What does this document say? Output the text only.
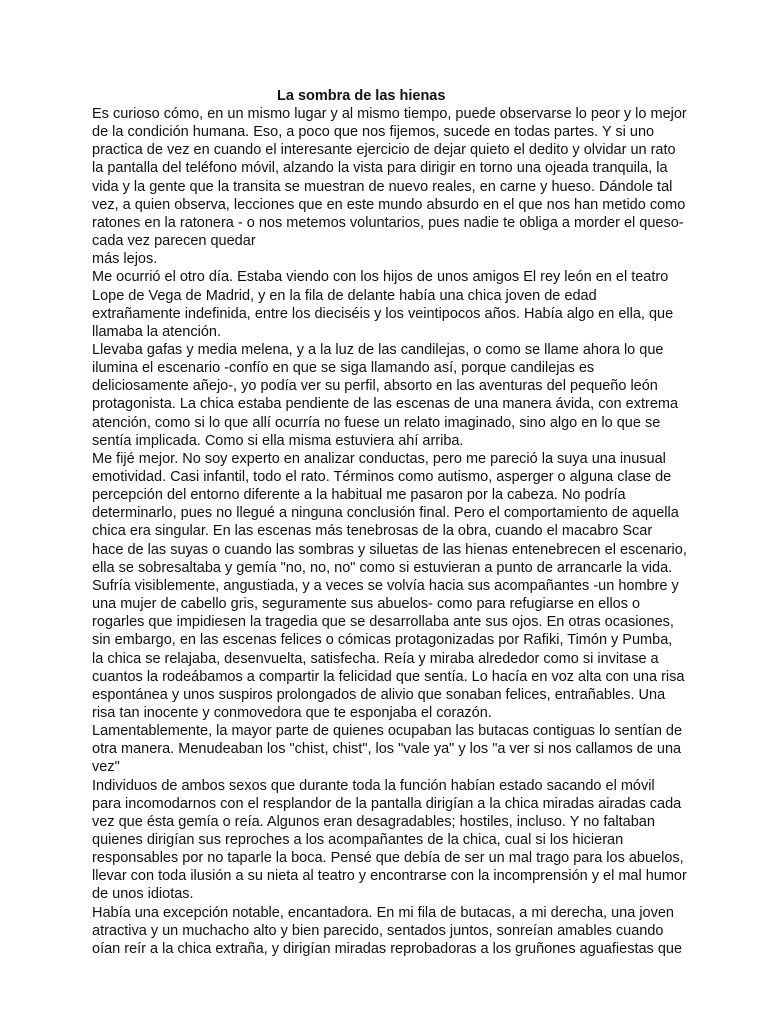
La sombra de las hienas
Es curioso cómo, en un mismo lugar y al mismo tiempo, puede observarse lo peor y lo mejor
de la condición humana. Eso, a poco que nos fijemos, sucede en todas partes. Y si uno
practica de vez en cuando el interesante ejercicio de dejar quieto el dedito y olvidar un rato
la pantalla del teléfono móvil, alzando la vista para dirigir en torno una ojeada tranquila, la
vida y la gente que la transita se muestran de nuevo reales, en carne y hueso. Dándole tal
vez, a quien observa, lecciones que en este mundo absurdo en el que nos han metido como
ratones en la ratonera - o nos metemos voluntarios, pues nadie te obliga a morder el queso-
cada vez parecen quedar
más lejos.
Me ocurrió el otro día. Estaba viendo con los hijos de unos amigos El rey león en el teatro
Lope de Vega de Madrid, y en la fila de delante había una chica joven de edad
extrañamente indefinida, entre los dieciséis y los veintipocos años. Había algo en ella, que
llamaba la atención.
Llevaba gafas y media melena, y a la luz de las candilejas, o como se llame ahora lo que
ilumina el escenario -confío en que se siga llamando así, porque candilejas es
deliciosamente añejo-, yo podía ver su perfil, absorto en las aventuras del pequeño león
protagonista. La chica estaba pendiente de las escenas de una manera ávida, con extrema
atención, como si lo que allí ocurría no fuese un relato imaginado, sino algo en lo que se
sentía implicada. Como si ella misma estuviera ahí arriba.
Me fijé mejor. No soy experto en analizar conductas, pero me pareció la suya una inusual
emotividad. Casi infantil, todo el rato. Términos como autismo, asperger o alguna clase de
percepción del entorno diferente a la habitual me pasaron por la cabeza. No podría
determinarlo, pues no llegué a ninguna conclusión final. Pero el comportamiento de aquella
chica era singular. En las escenas más tenebrosas de la obra, cuando el macabro Scar
hace de las suyas o cuando las sombras y siluetas de las hienas entenebrecen el escenario,
ella se sobresaltaba y gemía "no, no, no" como si estuvieran a punto de arrancarle la vida.
Sufría visiblemente, angustiada, y a veces se volvía hacia sus acompañantes -un hombre y
una mujer de cabello gris, seguramente sus abuelos- como para refugiarse en ellos o
rogarles que impidiesen la tragedia que se desarrollaba ante sus ojos. En otras ocasiones,
sin embargo, en las escenas felices o cómicas protagonizadas por Rafiki, Timón y Pumba,
la chica se relajaba, desenvuelta, satisfecha. Reía y miraba alrededor como si invitase a
cuantos la rodeábamos a compartir la felicidad que sentía. Lo hacía en voz alta con una risa
espontánea y unos suspiros prolongados de alivio que sonaban felices, entrañables. Una
risa tan inocente y conmovedora que te esponjaba el corazón.
Lamentablemente, la mayor parte de quienes ocupaban las butacas contiguas lo sentían de
otra manera. Menudeaban los "chist, chist", los "vale ya" y los "a ver si nos callamos de una
vez"
Individuos de ambos sexos que durante toda la función habían estado sacando el móvil
para incomodarnos con el resplandor de la pantalla dirigían a la chica miradas airadas cada
vez que ésta gemía o reía. Algunos eran desagradables; hostiles, incluso. Y no faltaban
quienes dirigían sus reproches a los acompañantes de la chica, cual si los hicieran
responsables por no taparle la boca. Pensé que debía de ser un mal trago para los abuelos,
llevar con toda ilusión a su nieta al teatro y encontrarse con la incomprensión y el mal humor
de unos idiotas.
Había una excepción notable, encantadora. En mi fila de butacas, a mi derecha, una joven
atractiva y un muchacho alto y bien parecido, sentados juntos, sonreían amables cuando
oían reír a la chica extraña, y dirigían miradas reprobadoras a los gruñones aguafiestas que
